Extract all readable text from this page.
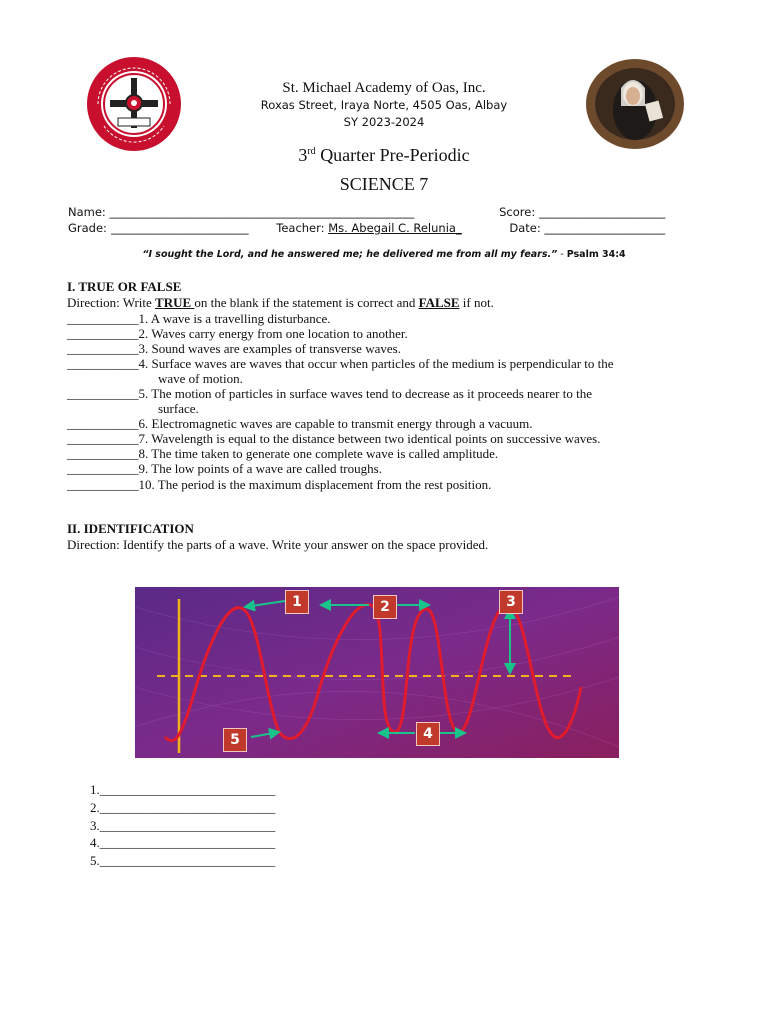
St. Michael Academy of Oas, Inc.
Roxas Street, Iraya Norte, 4505 Oas, Albay
SY 2023-2024
3rd Quarter Pre-Periodic
SCIENCE 7
Name: _____________________________________________________	Score: ______________________
Grade: ________________________ Teacher: Ms. Abegail C. Relunia_	Date: _____________________
“I sought the Lord, and he answered me; he delivered me from all my fears.” - Psalm 34:4
I. TRUE OR FALSE
Direction: Write TRUE on the blank if the statement is correct and FALSE if not.
___________1. A wave is a travelling disturbance.
___________2. Waves carry energy from one location to another.
___________3. Sound waves are examples of transverse waves.
___________4. Surface waves are waves that occur when particles of the medium is perpendicular to the
wave of motion.
___________5. The motion of particles in surface waves tend to decrease as it proceeds nearer to the
surface.
___________6. Electromagnetic waves are capable to transmit energy through a vacuum.
___________7. Wavelength is equal to the distance between two identical points on successive waves.
___________8. The time taken to generate one complete wave is called amplitude.
___________9. The low points of a wave are called troughs.
___________10. The period is the maximum displacement from the rest position.
II. IDENTIFICATION
Direction: Identify the parts of a wave. Write your answer on the space provided.
1	2	3
4
5
1.___________________________
2.___________________________
3.___________________________
4.___________________________
5.___________________________
